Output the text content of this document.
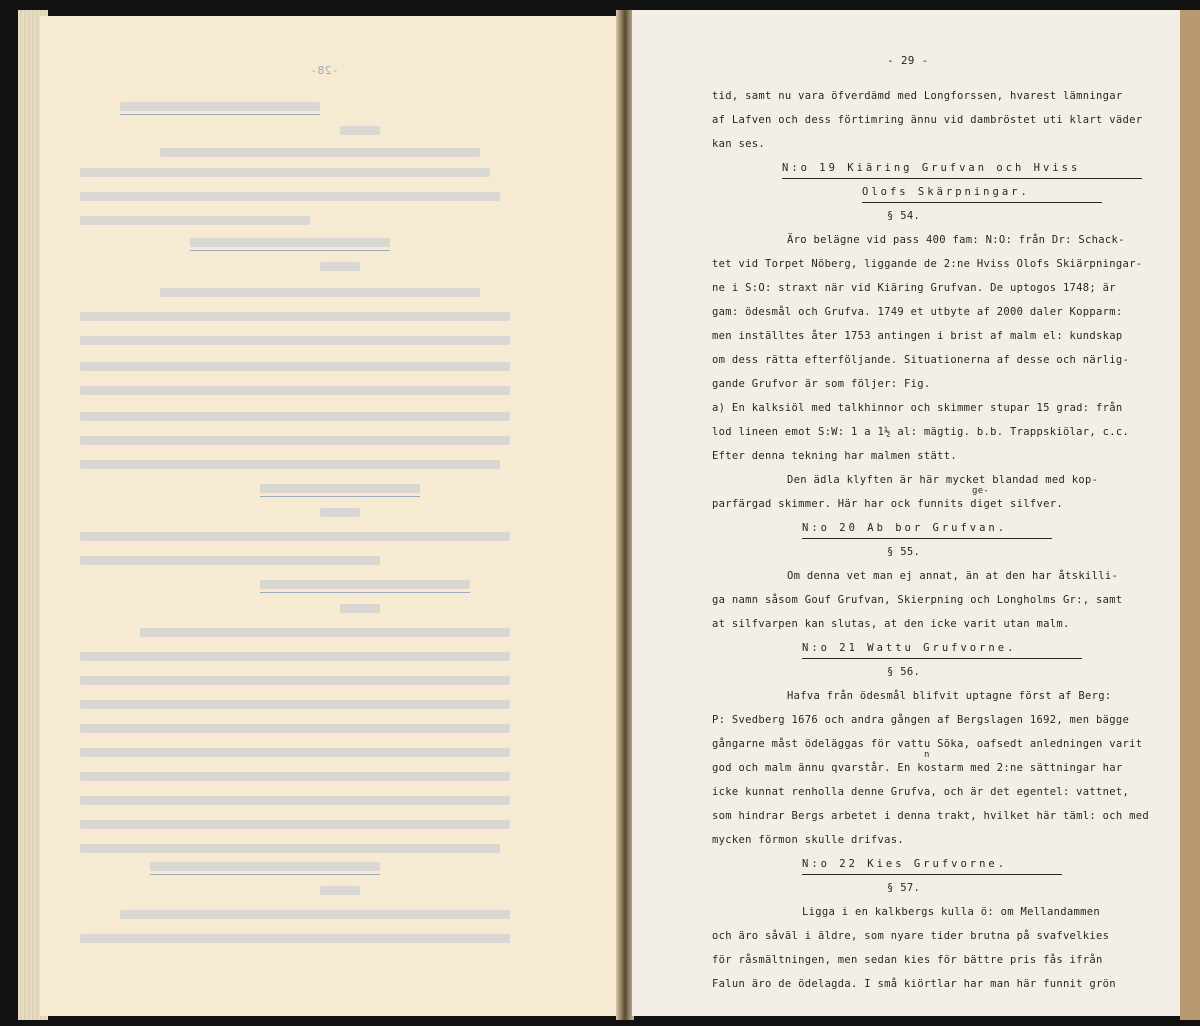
-28-
- 29 -
tid, samt nu vara öfverdämd med Longforssen, hvarest lämningar
af Lafven och dess förtimring ännu vid dambröstet uti klart väder
kan ses.
N:o 19 Kiäring Grufvan och Hviss
Olofs Skärpningar.
§ 54.
Äro belägne vid pass 400 fam: N:O: från Dr: Schack-
tet vid Torpet Nöberg, liggande de 2:ne Hviss Olofs Skiärpningar-
ne i S:O: straxt när vid Kiäring Grufvan. De uptogos 1748; är
gam: ödesmål och Grufva. 1749 et utbyte af 2000 daler Kopparm:
men inställtes åter 1753 antingen i brist af malm el: kundskap
om dess rätta efterföljande. Situationerna af desse och närlig-
gande Grufvor är som följer: Fig.
a) En kalksiöl med talkhinnor och skimmer stupar 15 grad: från
lod lineen emot S:W: 1 a 1½ al: mägtig. b.b. Trappskiölar, c.c.
Efter denna tekning har malmen stätt.
Den ädla klyften är här mycket blandad med kop-
ge-
parfärgad skimmer. Här har ock funnits diget silfver.
N:o 20 Ab bor Grufvan.
§ 55.
Om denna vet man ej annat, än at den har åtskilli-
ga namn såsom Gouf Grufvan, Skierpning och Longholms Gr:, samt
at silfvarpen kan slutas, at den icke varit utan malm.
N:o 21 Wattu Grufvorne.
§ 56.
Hafva från ödesmål blifvit uptagne först af Berg:
P: Svedberg 1676 och andra gången af Bergslagen 1692, men bägge
gångarne måst ödeläggas för vattu Söka, oafsedt anledningen varit
n
god och malm ännu qvarstår. En kostarm med 2:ne sättningar har
icke kunnat renholla denne Grufva, och är det egentel: vattnet,
som hindrar Bergs arbetet i denna trakt, hvilket här täml: och med
mycken förmon skulle drifvas.
N:o 22 Kies Grufvorne.
§ 57.
Ligga i en kalkbergs kulla ö: om Mellandammen
och äro såväl i äldre, som nyare tider brutna på svafvelkies
för råsmältningen, men sedan kies för bättre pris fås ifrån
Falun äro de ödelagda. I små kiörtlar har man här funnit grön
